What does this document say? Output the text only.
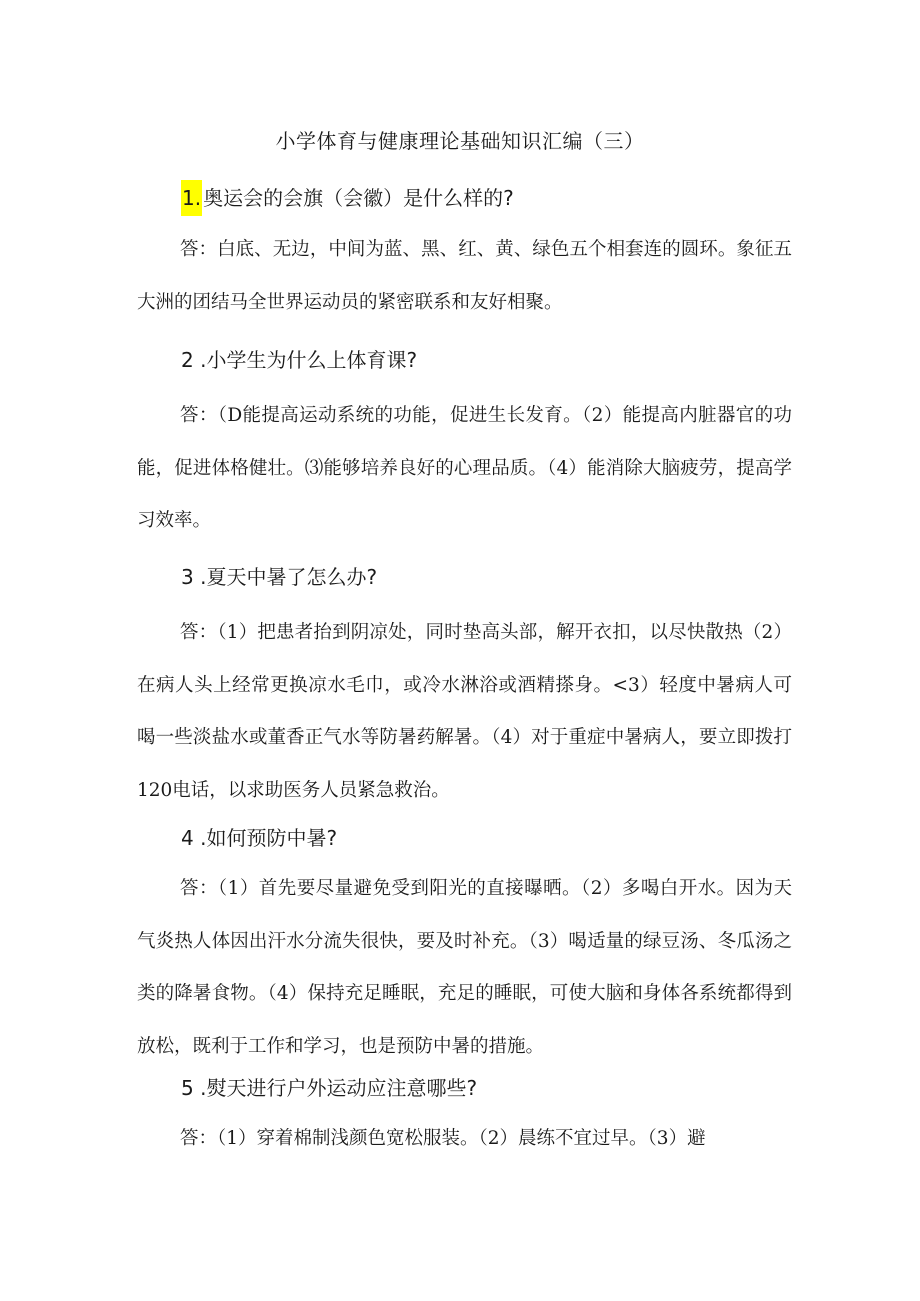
小学体育与健康理论基础知识汇编（三）
1. 奥运会的会旗（会徽）是什么样的?
答：白底、无边，中间为蓝、黑、红、黄、绿色五个相套连的圆环。象征五大洲的团结马全世界运动员的紧密联系和友好相聚。
2 .小学生为什么上体育课?
答：（D能提高运动系统的功能，促进生长发育。（2）能提高内脏器官的功能，促进体格健壮。⑶能够培养良好的心理品质。（4）能消除大脑疲劳，提高学习效率。
3 .夏天中暑了怎么办?
答：（1）把患者抬到阴凉处，同时垫高头部，解开衣扣，以尽快散热（2）在病人头上经常更换凉水毛巾，或冷水淋浴或酒精搽身。<3）轻度中暑病人可喝一些淡盐水或董香正气水等防暑药解暑。（4）对于重症中暑病人，要立即拨打120电话，以求助医务人员紧急救治。
4 .如何预防中暑?
答：（1）首先要尽量避免受到阳光的直接曝晒。（2）多喝白开水。因为天气炎热人体因出汗水分流失很快，要及时补充。（3）喝适量的绿豆汤、冬瓜汤之类的降暑食物。（4）保持充足睡眠，充足的睡眠，可使大脑和身体各系统都得到放松，既利于工作和学习，也是预防中暑的措施。
5 .熨天进行户外运动应注意哪些?
答：（1）穿着棉制浅颜色宽松服装。（2）晨练不宜过早。（3）避
